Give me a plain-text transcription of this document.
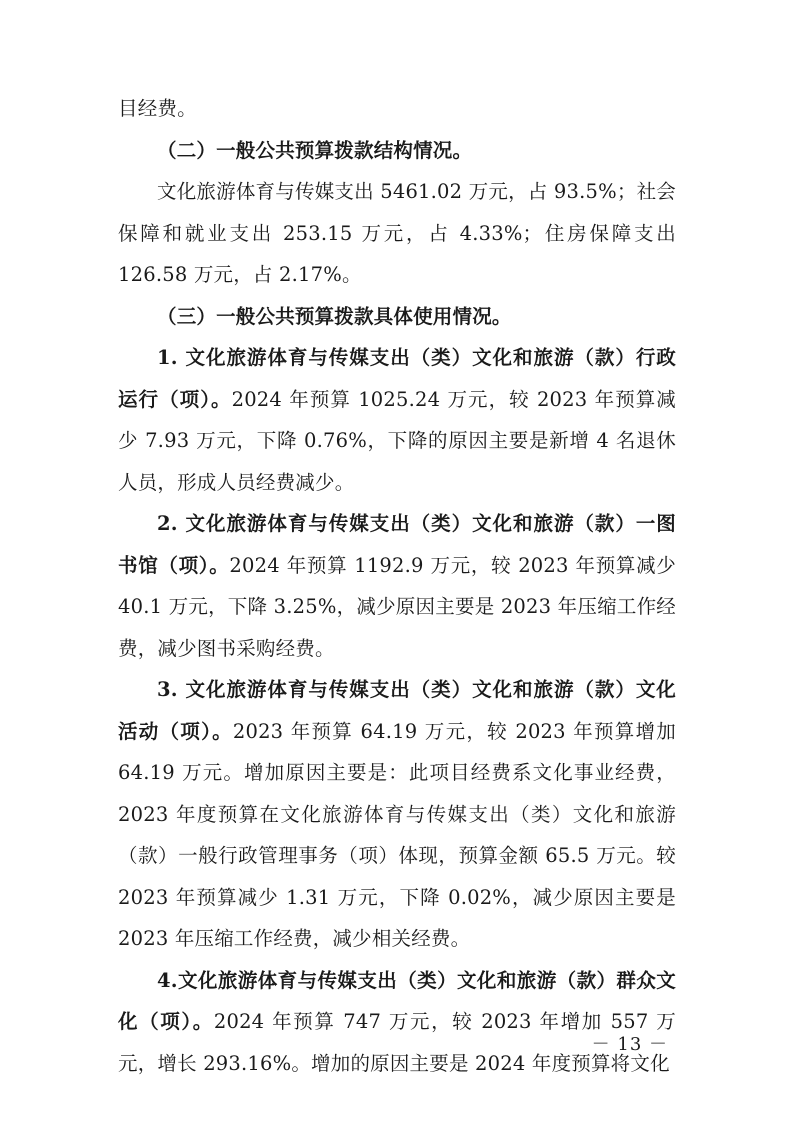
目经费。

（二）一般公共预算拨款结构情况。

文化旅游体育与传媒支出 5461.02 万元，占 93.5%；社会保障和就业支出 253.15 万元，占 4.33%；住房保障支出 126.58 万元，占 2.17%。

（三）一般公共预算拨款具体使用情况。

1. 文化旅游体育与传媒支出（类）文化和旅游（款）行政运行（项）。2024 年预算 1025.24 万元，较 2023 年预算减少 7.93 万元，下降 0.76%，下降的原因主要是新增 4 名退休人员，形成人员经费减少。

2. 文化旅游体育与传媒支出（类）文化和旅游（款）一图书馆（项）。2024 年预算 1192.9 万元，较 2023 年预算减少 40.1 万元，下降 3.25%，减少原因主要是 2023 年压缩工作经费，减少图书采购经费。

3. 文化旅游体育与传媒支出（类）文化和旅游（款）文化活动（项）。2023 年预算 64.19 万元，较 2023 年预算增加 64.19 万元。增加原因主要是：此项目经费系文化事业经费，2023 年度预算在文化旅游体育与传媒支出（类）文化和旅游（款）一般行政管理事务（项）体现，预算金额 65.5 万元。较 2023 年预算减少 1.31 万元，下降 0.02%，减少原因主要是 2023 年压缩工作经费，减少相关经费。

4.文化旅游体育与传媒支出（类）文化和旅游（款）群众文化（项）。2024 年预算 747 万元，较 2023 年增加 557 万元，增长 293.16%。增加的原因主要是 2024 年度预算将文化

－ 13 －
